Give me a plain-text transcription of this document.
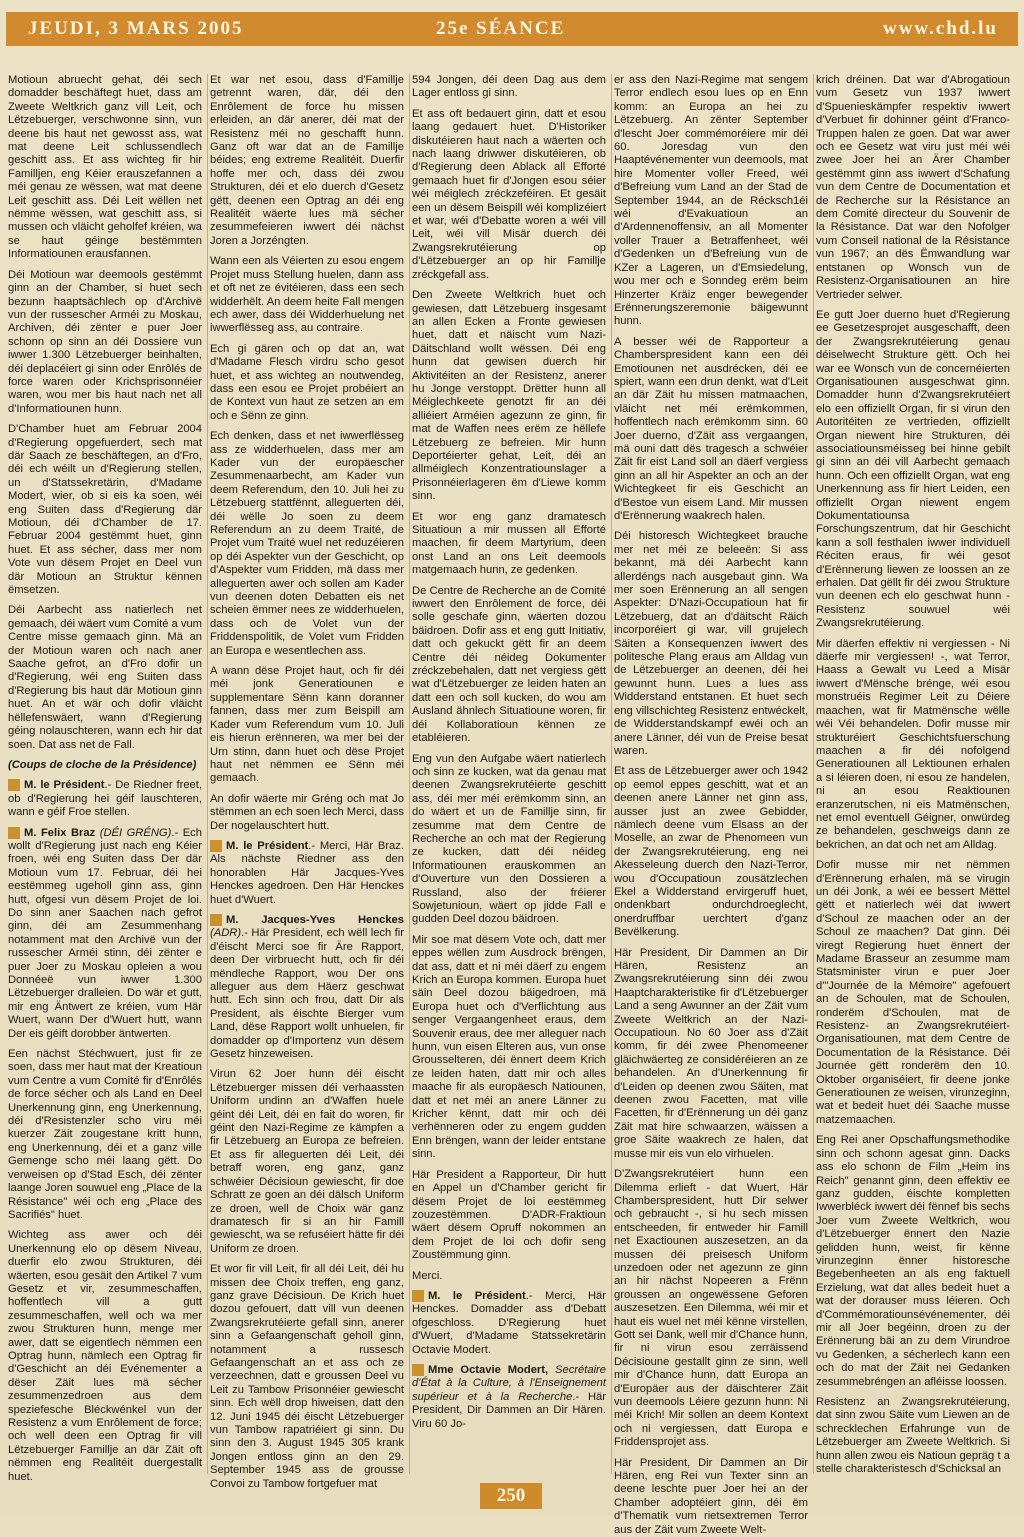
JEUDI, 3 MARS 2005	25e SÉANCE	www.chd.lu

Motioun abruecht gehat, déi sech domadder beschäftegt huet, dass am Zweete Weltkrich ganz vill Leit, och Lëtzebuerger, verschwonne sinn, vun deene bis haut net gewosst ass, wat mat deene Leit schlussendlech geschitt ass. Et ass wichteg fir hir Familljen, eng Kéier erauszefannen a méi genau ze wëssen, wat mat deene Leit geschitt ass. Déi Leit wëllen net nëmme wëssen, wat geschitt ass, si mussen och vläicht geholfef kréien, wa se haut géinge bestëmmten Informatiounen erausfannen.

Déi Motioun war deemools gestëmmt ginn an der Chamber, si huet sech bezunn haaptsächlech op d'Archivë vun der russescher Arméi zu Moskau, Archiven, déi zënter e puer Joer schonn op sinn an déi Dossiere vun iwwer 1.300 Lëtzebuerger beinhalten, déi deplacéiert gi sinn oder Enrôlés de force waren oder Krichsprisonnéier waren, wou mer bis haut nach net all d'Informatiounen hunn.

D'Chamber huet am Februar 2004 d'Regierung opgefuerdert, sech mat där Saach ze beschäftegen, an d'Fro, déi ech wéilt un d'Regierung stellen, un d'Statssekretärin, d'Madame Modert, wier, ob si eis ka soen, wéi eng Suiten dass d'Regierung där Motioun, déi d'Chamber de 17. Februar 2004 gestëmmt huet, ginn huet. Et ass sécher, dass mer nom Vote vun dësem Projet en Deel vun där Motioun an Struktur kënnen ëmsetzen.

Déi Aarbecht ass natierlech net gemaach, déi wäert vum Comité a vum Centre misse gemaach ginn. Mä an der Motioun waren och nach aner Saache gefrot, an d'Fro dofir un d'Regierung, wéi eng Suiten dass d'Regierung bis haut där Motioun ginn huet. An et wär och dofir vläicht hëllefenswäert, wann d'Regierung géing nolauschteren, wann ech hir dat soen. Dat ass net de Fall.

(Coups de cloche de la Présidence)

M. le Président.- De Riedner freet, ob d'Regierung hei géif lauschteren, wann e géif Froe stellen.

M. Felix Braz (DÉI GRÉNG).- Ech wollt d'Regierung just nach eng Kéier froen, wéi eng Suiten dass Der där Motioun vum 17. Februar, déi hei eestëmmeg ugeholl ginn ass, ginn hutt, ofgesi vun dësem Projet de loi. Do sinn aner Saachen nach gefrot ginn, déi am Zesummenhang notamment mat den Archivë vun der russescher Arméi stinn, déi zënter e puer Joer zu Moskau opleien a wou Donnéeë vun iwwer 1.300 Lëtzebuerger dralleien. Do wär et gutt, mir eng Äntwert ze kréien, vum Här Wuert, wann Der d'Wuert hutt, wann Der eis géift dorobber äntwerten.

Een nächst Stéchwuert, just fir ze soen, dass mer haut mat der Kreatioun vum Centre a vum Comité fir d'Enrôlés de force sécher och als Land en Deel Unerkennung ginn, eng Unerkennung, déi d'Resistenzler scho viru méi kuerzer Zäit zougestane kritt hunn, eng Unerkennung, déi et a ganz ville Gemenge scho méi laang gëtt. Do verweisen op d'Stad Esch, déi zënter laange Joren souwuel eng „Place de la Résistance" wéi och eng „Place des Sacrifiés" huet.

Wichteg ass awer och déi Unerkennung elo op dësem Niveau, duerfir elo zwou Strukturen, déi wäerten, esou gesäit den Artikel 7 vum Gesetz et vir, zesummeschaffen, hoffentlech vill a gutt zesummeschaffen, well och wa mer zwou Strukturen hunn, menge mer awer, datt se eigentlech nëmmen een Optrag hunn, nämlech een Optrag fir d'Geschicht an déi Evénementer a dëser Zäit lues mä sécher zesummenzedroen aus dem speziefesche Bléckwénkel vun der Resistenz a vum Enrôlement de force; och well deen een Optrag fir vill Lëtzebuerger Famillje an där Zäit oft nëmmen eng Realitéit duergestallt huet.

Et war net esou, dass d'Famillje getrennt waren, där, déi den Enrôlement de force hu missen erleiden, an där anerer, déi mat der Resistenz méi no geschafft hunn. Ganz oft war dat an de Famillje béides; eng extreme Realitéit. Duerfir hoffe mer och, dass déi zwou Strukturen, déi et elo duerch d'Gesetz gëtt, deenen een Optrag an déi eng Realitéit wäerte lues mä sécher zesummefeieren iwwert déi nächst Joren a Jorzéngten.

Wann een als Véierten zu esou engem Projet muss Stellung huelen, dann ass et oft net ze évitéieren, dass een sech widderhëlt. An deem heite Fall mengen ech awer, dass déi Widderhuelung net iwwerflësseg ass, au contraire.

Ech gi gären och op dat an, wat d'Madame Flesch virdru scho gesot huet, et ass wichteg an noutwendeg, dass een esou ee Projet probéiert an de Kontext vun haut ze setzen an em och e Sënn ze ginn.

Ech denken, dass et net iwwerflësseg ass ze widderhuelen, dass mer am Kader vun der europäescher Zesummenaarbecht, am Kader vun deem Referendum, den 10. Juli hei zu Lëtzebuerg stattfënnt, alleguerten déi, déi wëlle Jo soen zu deem Referendum an zu deem Traité, de Projet vum Traité wuel net reduzéieren op déi Aspekter vun der Geschicht, op d'Aspekter vum Fridden, mä dass mer alleguerten awer och sollen am Kader vun deenen doten Debatten eis net scheien ëmmer nees ze widderhuelen, dass och de Volet vun der Friddenspolitik, de Volet vum Fridden an Europa e wesentlechen ass.

A wann dëse Projet haut, och fir déi méi jonk Generatiounen e supplementare Sënn kann doranner fannen, dass mer zum Beispill am Kader vum Referendum vum 10. Juli eis hierun erënneren, wa mer bei der Urn stinn, dann huet och dëse Projet haut net nëmmen ee Sënn méi gemaach.

An dofir wäerte mir Gréng och mat Jo stëmmen an ech soen lech Merci, dass Der nogelauschtert hutt.

M. le Président.- Merci, Här Braz. Als nächste Riedner ass den honorablen Här Jacques-Yves Henckes agedroen. Den Här Henckes huet d'Wuert.

M. Jacques-Yves Henckes (ADR).- Här President, ech wëll lech fir d'éischt Merci soe fir Äre Rapport, deen Der virbruecht hutt, och fir déi mëndleche Rapport, wou Der ons alleguer aus dem Häerz geschwat hutt. Ech sinn och frou, datt Dir als President, als éischte Bierger vum Land, dëse Rapport wollt unhuelen, fir domadder op d'Importenz vun dësem Gesetz hinzeweisen.

Virun 62 Joer hunn déi éischt Lëtzebuerger missen déi verhaassten Uniform undinn an d'Waffen huele géint déi Leit, déi en fait do woren, fir géint den Nazi-Regime ze kämpfen a fir Lëtzebuerg an Europa ze befreien. Et ass fir alleguerten déi Leit, déi betraff woren, eng ganz, ganz schwéier Décisioun gewiescht, fir doe Schratt ze goen an déi dälsch Uniform ze droen, well de Choix wär ganz dramatesch fir si an hir Famill gewiescht, wa se refuséiert hätte fir déi Uniform ze droen.

Et wor fir vill Leit, fir all déi Leit, déi hu missen dee Choix treffen, eng ganz, ganz grave Décisioun. De Krich huet dozou gefouert, datt vill vun deenen Zwangsrekrutéierte gefall sinn, anerer sinn a Gefaangenschaft geholl ginn, notamment a russesch Gefaangenschaft an et ass och ze verzeechnen, datt e groussen Deel vu Leit zu Tambow Prisonnéier gewiescht sinn. Ech wëll drop hiweisen, datt den 12. Juni 1945 déi éischt Lëtzebuerger vun Tambow rapatriéiert gi sinn. Du sinn den 3. August 1945 305 krank Jongen entloss ginn an den 29. September 1945 ass de grousse Convoi zu Tambow fortgefuer mat

594 Jongen, déi deen Dag aus dem Lager entloss gi sinn.

Et ass oft bedauert ginn, datt et esou laang gedauert huet. D'Historiker diskutéieren haut nach a wäerten och nach laang driwwer diskutéieren, ob d'Regierung deen Ablack all Efforté gemaach huet fir d'Jongen esou séier wéi méiglech zréckzeféiren. Et gesäit een un dësem Beispill wéi komplizéiert et war, wéi d'Debatte woren a wéi vill Leit, wéi vill Misär duerch déi Zwangsrekrutéierung op d'Lëtzebuerger an op hir Famillje zréckgefall ass.

Den Zweete Weltkrich huet och gewiesen, datt Lëtzebuerg insgesamt an allen Ecken a Fronte gewiesen huet, datt et näischt vum Nazi-Däitschland wollt wëssen. Déi eng hunn dat gewisen duerch hir Aktivitéiten an der Resistenz, anerer hu Jonge verstoppt. Drëtter hunn all Méiglechkeete genotzt fir an déi alliéiert Arméien agezunn ze ginn, fir mat de Waffen nees erëm ze hëllefe Lëtzebuerg ze befreien. Mir hunn Deportéierter gehat, Leit, déi an allméiglech Konzentratiounslager a Prisonnéierlageren ëm d'Liewe komm sinn.

Et wor eng ganz dramatesch Situatioun a mir mussen all Efforté maachen, fir deem Martyrium, deen onst Land an ons Leit deemools matgemaach hunn, ze gedenken.

De Centre de Recherche an de Comité iwwert den Enrôlement de force, déi solle geschafe ginn, wäerten dozou bäidroen. Dofir ass et eng gutt Initiativ, datt och gekuckt gëtt fir an deem Centre déi néideg Dokumenter zréckzebehalen, datt net vergiess gëtt wat d'Lëtzebuerger ze leiden haten an datt een och soll kucken, do wou am Ausland ähnlech Situatioune woren, fir déi Kollaboratioun kënnen ze etabléieren.

Eng vun den Aufgabe wäert natierlech och sinn ze kucken, wat da genau mat deenen Zwangsrekrutéierte geschitt ass, déi mer méi erëmkomm sinn, an do wäert et un de Famillje sinn, fir zesumme mat dem Centre de Recherche an och mat der Regierung ze kucken, datt déi néideg Informatiounen erauskommen an d'Ouverture vun den Dossieren a Russland, also der fréierer Sowjetunioun, wäert op jidde Fall e gudden Deel dozou bäidroen.

Mir soe mat dësem Vote och, datt mer eppes wëllen zum Ausdrock brëngen, dat ass, datt et ni méi däerf zu engem Krich an Europa kommen. Europa huet säin Deel dozou bäigedroen, mä Europa huet och d'Verflichtung aus senger Vergaangenheet eraus, dem Souvenir eraus, dee mer alleguer nach hunn, vun eisen Elteren aus, vun onse Grousselteren, déi ënnert deem Krich ze leiden haten, datt mir och alles maache fir als europäesch Natiounen, datt et net méi an anere Länner zu Kricher kënnt, datt mir och déi verhënneren oder zu engem gudden Enn brëngen, wann der leider entstane sinn.

Här President a Rapporteur, Dir hutt en Appel un d'Chamber gericht fir dësem Projet de loi eestëmmeg zouzestëmmen. D'ADR-Fraktioun wäert dësem Opruff nokommen an dem Projet de loi och dofir seng Zoustëmmung ginn.

Merci.

M. le Président.- Merci, Här Henckes. Domadder ass d'Debatt ofgeschloss. D'Regierung huet d'Wuert, d'Madame Statssekretärin Octavie Modert.

Mme Octavie Modert, Secrétaire d'État à la Culture, à l'Enseignement supérieur et à la Recherche.- Här President, Dir Dammen an Dir Hären. Viru 60 Jo-

er ass den Nazi-Regime mat sengem Terror endlech esou lues op en Enn komm: an Europa an hei zu Lëtzebuerg. An zënter September d'lescht Joer commémoréiere mir déi 60. Joresdag vun den Haaptévénementer vun deemools, mat hire Momenter voller Freed, wéi d'Befreiung vum Land an der Stad de September 1944, an de Récksch1éi wéi d'Evakuatioun an d'Ardennenoffensiv, an all Momenter voller Trauer a Betraffenheet, wéi d'Gedenken un d'Befreiung vun de KZer a Lageren, un d'Emsiedelung, wou mer och e Sonndeg erëm beim Hinzerter Kräiz enger bewegender Erënnerungszeremonie bäigewunnt hunn.

A besser wéi de Rapporteur a Chamberspresident kann een déi Emotiounen net ausdrécken, déi ee spiert, wann een drun denkt, wat d'Leit an där Zäit hu missen matmaachen, vläicht net méi erëmkommen, hoffentlech nach erëmkomm sinn. 60 Joer duerno, d'Zäit ass vergaangen, mä ouni datt dës tragesch a schwéier Zäit fir eist Land soll an däerf vergiess ginn an all hir Aspekter an och an der Wichtegkeet fir eis Geschicht an d'Bestoe vun eisem Land. Mir mussen d'Erënnerung waakrech halen.

Déi historesch Wichtegkeet brauche mer net méi ze beleeën: Si ass bekannt, mä déi Aarbecht kann allerdéngs nach ausgebaut ginn. Wa mer soen Erënnerung an all sengen Aspekter: D'Nazi-Occupatioun hat fir Lëtzebuerg, dat an d'däitscht Räich incorporéiert gi war, vill grujelech Säiten a Konsequenzen iwwert des politesche Plang eraus am Alldag vun de Lëtzebuerger an deenen, déi hei gewunnt hunn. Lues a lues ass Widderstand entstanen. Et huet sech eng villschichteg Resistenz entwéckelt, de Widderstandskampf ewéi och an anere Länner, déi vun de Preise besat waren.

Et ass de Lëtzebuerger awer och 1942 op eemol eppes geschitt, wat et an deenen anere Länner net ginn ass, ausser just an zwee Gebidder, nämlech deene vum Elsass an der Moselle, an zwar de Phenomeen vun der Zwangsrekrutéierung, eng nei Akesseleung duerch den Nazi-Terror, wou d'Occupatioun zousätzlechen Ekel a Widderstand ervirgeruff huet, ondenkbart ondurchdroeglecht, onerdruffbar uerchtert d'ganz Bevëlkerung.

Här President, Dir Dammen an Dir Hären, Resistenz an Zwangsrekrutéierung sinn déi zwou Haaptcharakteristike fir d'Lëtzebuerger Land a seng Awunner an der Zäit vum Zweete Weltkrich an der Nazi-Occupatioun. No 60 Joer ass d'Zäit komm, fir déi zwee Phenomeener gläichwäerteg ze considéréieren an ze behandelen. An d'Unerkennung fir d'Leiden op deenen zwou Säiten, mat deenen zwou Facetten, mat ville Facetten, fir d'Erënnerung un déi ganz Zäit mat hire schwaarzen, wäissen a groe Säite waakrech ze halen, dat musse mir eis vun elo virhuelen.

D'Zwangsrekrutéiert hunn een Dilemma erlieft - dat Wuert, Här Chamberspresident, hutt Dir selwer och gebraucht -, si hu sech missen entscheeden, fir entweder hir Famill net Exactiounen auszesetzen, an da mussen déi preisesch Uniform unzedoen oder net agezunn ze ginn an hir nächst Nopeeren a Frënn groussen an ongewëssene Geforen auszesetzen. Een Dilemma, wéi mir et haut eis wuel net méi kënne virstellen, Gott sei Dank, well mir d'Chance hunn, fir ni virun esou zerräissend Décisioune gestallt ginn ze sinn, well mir d'Chance hunn, datt Europa an d'Europäer aus der däischterer Zäit vun deemools Léiere gezunn hunn: Ni méi Krich! Mir sollen an deem Kontext och ni vergiessen, datt Europa e Friddensprojet ass.

Här President, Dir Dammen an Dir Hären, eng Rei vun Texter sinn an deene leschte puer Joer hei an der Chamber adoptéiert ginn, déi ëm d'Thematik vum rietsextremen Terror aus der Zäit vum Zweete Welt-

krich dréinen. Dat war d'Abrogatioun vum Gesetz vun 1937 iwwert d'Spuenieskämpfer respektiv iwwert d'Verbuet fir dohinner géint d'Franco-Truppen halen ze goen. Dat war awer och ee Gesetz wat viru just méi wéi zwee Joer hei an Ärer Chamber gestëmmt ginn ass iwwert d'Schafung vun dem Centre de Documentation et de Recherche sur la Résistance an dem Comité directeur du Souvenir de la Résistance. Dat war den Nofolger vum Conseil national de la Résistance vun 1967; an dës Ëmwandlung war entstanen op Wonsch vun de Resistenz-Organisatiounen an hire Vertrieder selwer.

Ee gutt Joer duerno huet d'Regierung ee Gesetzesprojet ausgeschafft, deen der Zwangsrekrutéierung genau déiselwecht Strukture gëtt. Och hei war ee Wonsch vun de concernéierten Organisatiounen ausgeschwat ginn. Domadder hunn d'Zwangsrekrutéiert elo een offiziellt Organ, fir si virun den Autoritéiten ze vertrieden, offiziellt Organ niewent hire Strukturen, déi associatiounsméisseg bei hinne gebilt gi sinn an déi vill Aarbecht gemaach hunn. Och een offiziellt Organ, wat eng Unerkennung ass fir hiert Leiden, een offiziellt Organ niewent engem Dokumentatiounsa Forschungszentrum, dat hir Geschicht kann a soll festhalen iwwer individuell Réciten eraus, fir wéi gesot d'Erënnerung liewen ze loossen an ze erhalen. Dat gëllt fir déi zwou Strukture vun deenen ech elo geschwat hunn - Resistenz souwuel wéi Zwangsrekrutéierung.

Mir däerfen effektiv ni vergiessen - Ni däerfe mir vergiessen! -, wat Terror, Haass a Gewalt vu Leed a Misär iwwert d'Mënsche brénge, wéi esou monstruéis Regimer Leit zu Déiere maachen, wat fir Matmënsche wëlle wéi Véi behandelen. Dofir musse mir strukturéiert Geschichtsfuerschung maachen a fir déi nofolgend Generatiounen all Lektiounen erhalen a si léieren doen, ni esou ze handelen, ni an esou Reaktiounen eranzerutschen, ni eis Matmënschen, net emol eventuell Géigner, onwürdeg ze behandelen, geschweigs dann ze bekrichen, an dat och net am Alldag.

Dofir musse mir net nëmmen d'Erënnerung erhalen, mä se virugin un déi Jonk, a wéi ee bessert Mëttel gëtt et natierlech wéi dat iwwert d'Schoul ze maachen oder an der Schoul ze maachen? Dat ginn. Déi viregt Regierung huet ënnert der Madame Brasseur an zesumme mam Statsminister virun e puer Joer d'"Journée de la Mémoire" agefouert an de Schoulen, mat de Schoulen, ronderëm d'Schoulen, mat de Resistenz- an Zwangsrekrutéiert-Organisatiounen, mat dem Centre de Documentation de la Résistance. Déi Journée gëtt ronderëm den 10. Oktober organiséiert, fir deene jonke Generatiounen ze weisen, virunzeginn, wat et bedeit huet déi Saache musse matzemaachen.

Eng Rei aner Opschaffungsmethodike sinn och schonn agesat ginn. Dacks ass elo schonn de Film „Heim ins Reich" genannt ginn, deen effektiv ee ganz gudden, éischte kompletten Iwwerbléck iwwert déi fënnef bis sechs Joer vum Zweete Weltkrich, wou d'Lëtzebuerger ënnert den Nazie gelidden hunn, weist, fir kënne virunzeginn ënner historesche Begebenheeten an als eng faktuell Erzielung, wat dat alles bedeit huet a wat der dorauser muss léieren. Och d'Commémoratiounsévénementer, déi mir all Joer begéinn, droen zu der Erënnerung bäi an zu dem Virundroe vu Gedenken, a sécherlech kann een och do mat der Zäit nei Gedanken zesummebréngen an afléisse loossen.

Resistenz an Zwangsrekrutéierung, dat sinn zwou Säite vum Liewen an de schrecklechen Erfahrunge vun de Lëtzebuerger am Zweete Weltkrich. Si hunn allen zwou eis Natioun gepräg t a stelle charakteristesch d'Schicksal an

250
